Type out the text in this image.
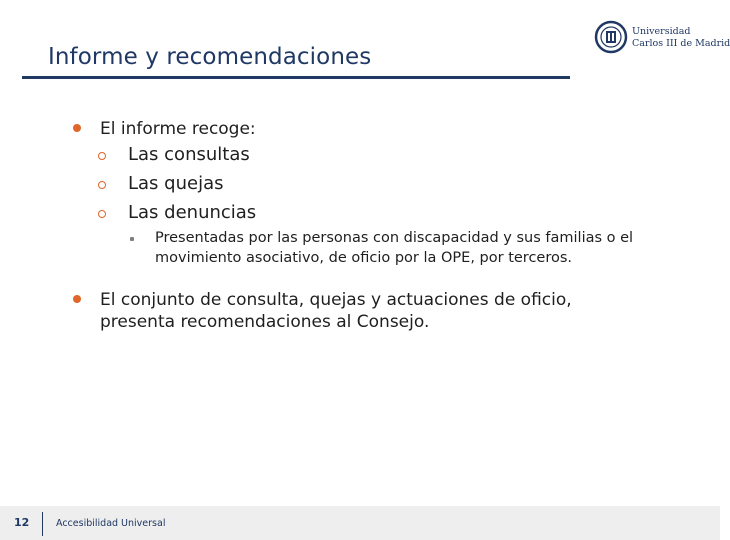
Informe y recomendaciones
Universidad
Carlos III de Madrid
El informe recoge:
Las consultas
Las quejas
Las denuncias
Presentadas por las personas con discapacidad y sus familias o el movimiento asociativo, de oficio por la OPE, por terceros.
El conjunto de consulta, quejas y actuaciones de oficio, presenta recomendaciones al Consejo.
12	Accesibilidad Universal
